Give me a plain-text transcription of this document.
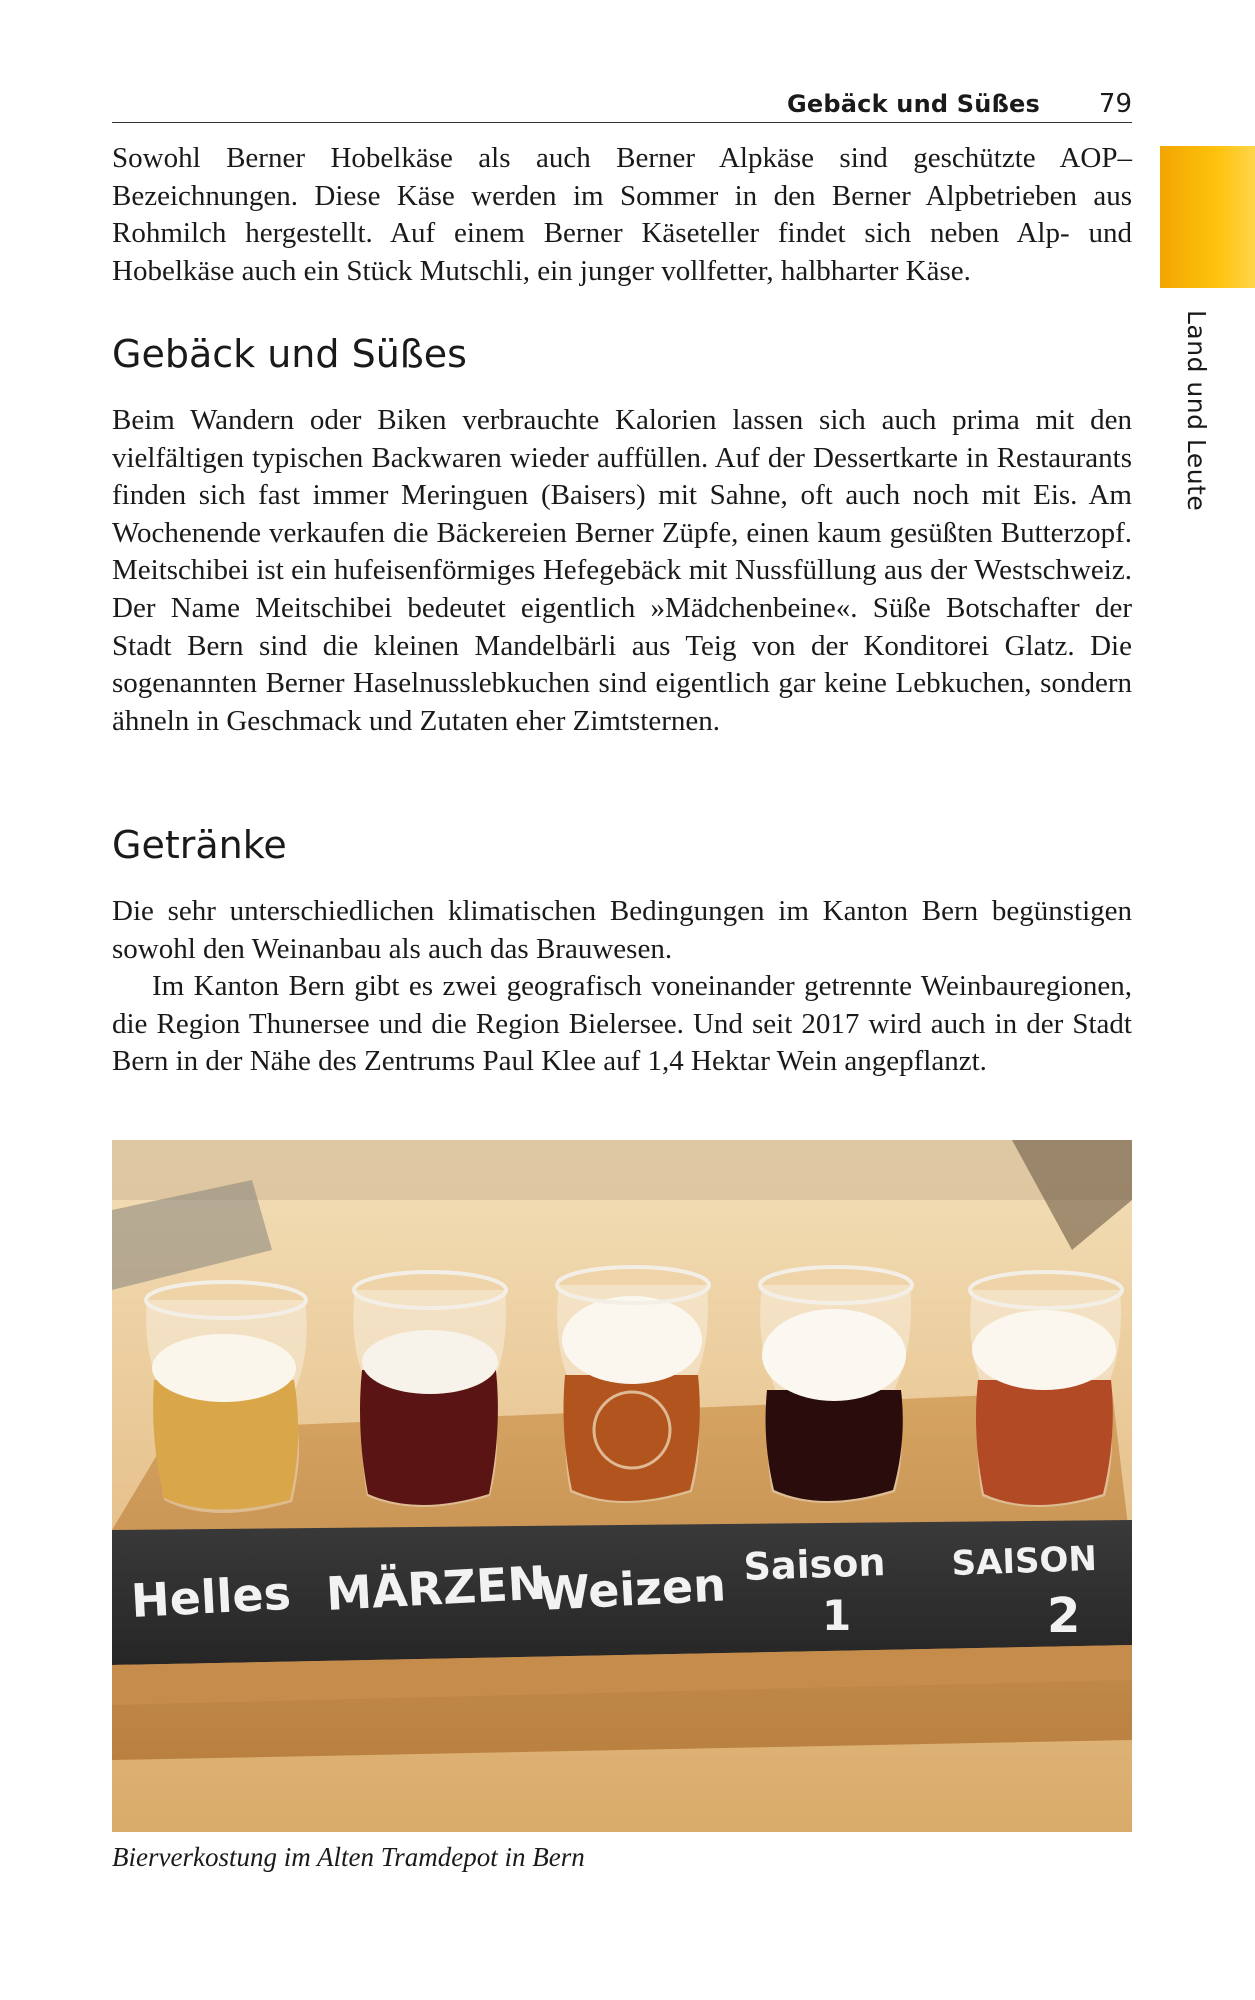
Gebäck und Süßes 79
Land und Leute

Sowohl Berner Hobelkäse als auch Berner Alpkäse sind geschützte AOP–Bezeichnungen. Diese Käse werden im Sommer in den Berner Alpbetrieben aus Rohmilch hergestellt. Auf einem Berner Käseteller findet sich neben Alp- und Hobelkäse auch ein Stück Mutschli, ein junger vollfetter, halbharter Käse.

Gebäck und Süßes

Beim Wandern oder Biken verbrauchte Kalorien lassen sich auch prima mit den vielfältigen typischen Backwaren wieder auffüllen. Auf der Dessertkarte in Restaurants finden sich fast immer Meringuen (Baisers) mit Sahne, oft auch noch mit Eis. Am Wochenende verkaufen die Bäckereien Berner Züpfe, einen kaum gesüßten Butterzopf. Meitschibei ist ein hufeisenförmiges Hefegebäck mit Nussfüllung aus der Westschweiz. Der Name Meitschibei bedeutet eigentlich »Mädchenbeine«. Süße Botschafter der Stadt Bern sind die kleinen Mandelbärli aus Teig von der Konditorei Glatz. Die sogenannten Berner Haselnusslebkuchen sind eigentlich gar keine Lebkuchen, sondern ähneln in Geschmack und Zutaten eher Zimtsternen.

Getränke

Die sehr unterschiedlichen klimatischen Bedingungen im Kanton Bern begünstigen sowohl den Weinanbau als auch das Brauwesen.

Im Kanton Bern gibt es zwei geografisch voneinander getrennte Weinbauregionen, die Region Thunersee und die Region Bielersee. Und seit 2017 wird auch in der Stadt Bern in der Nähe des Zentrums Paul Klee auf 1,4 Hektar Wein angepflanzt.

Helles MÄRZEN
Weizen Saison SAISON
1	2
Bierverkostung im Alten Tramdepot in Bern
